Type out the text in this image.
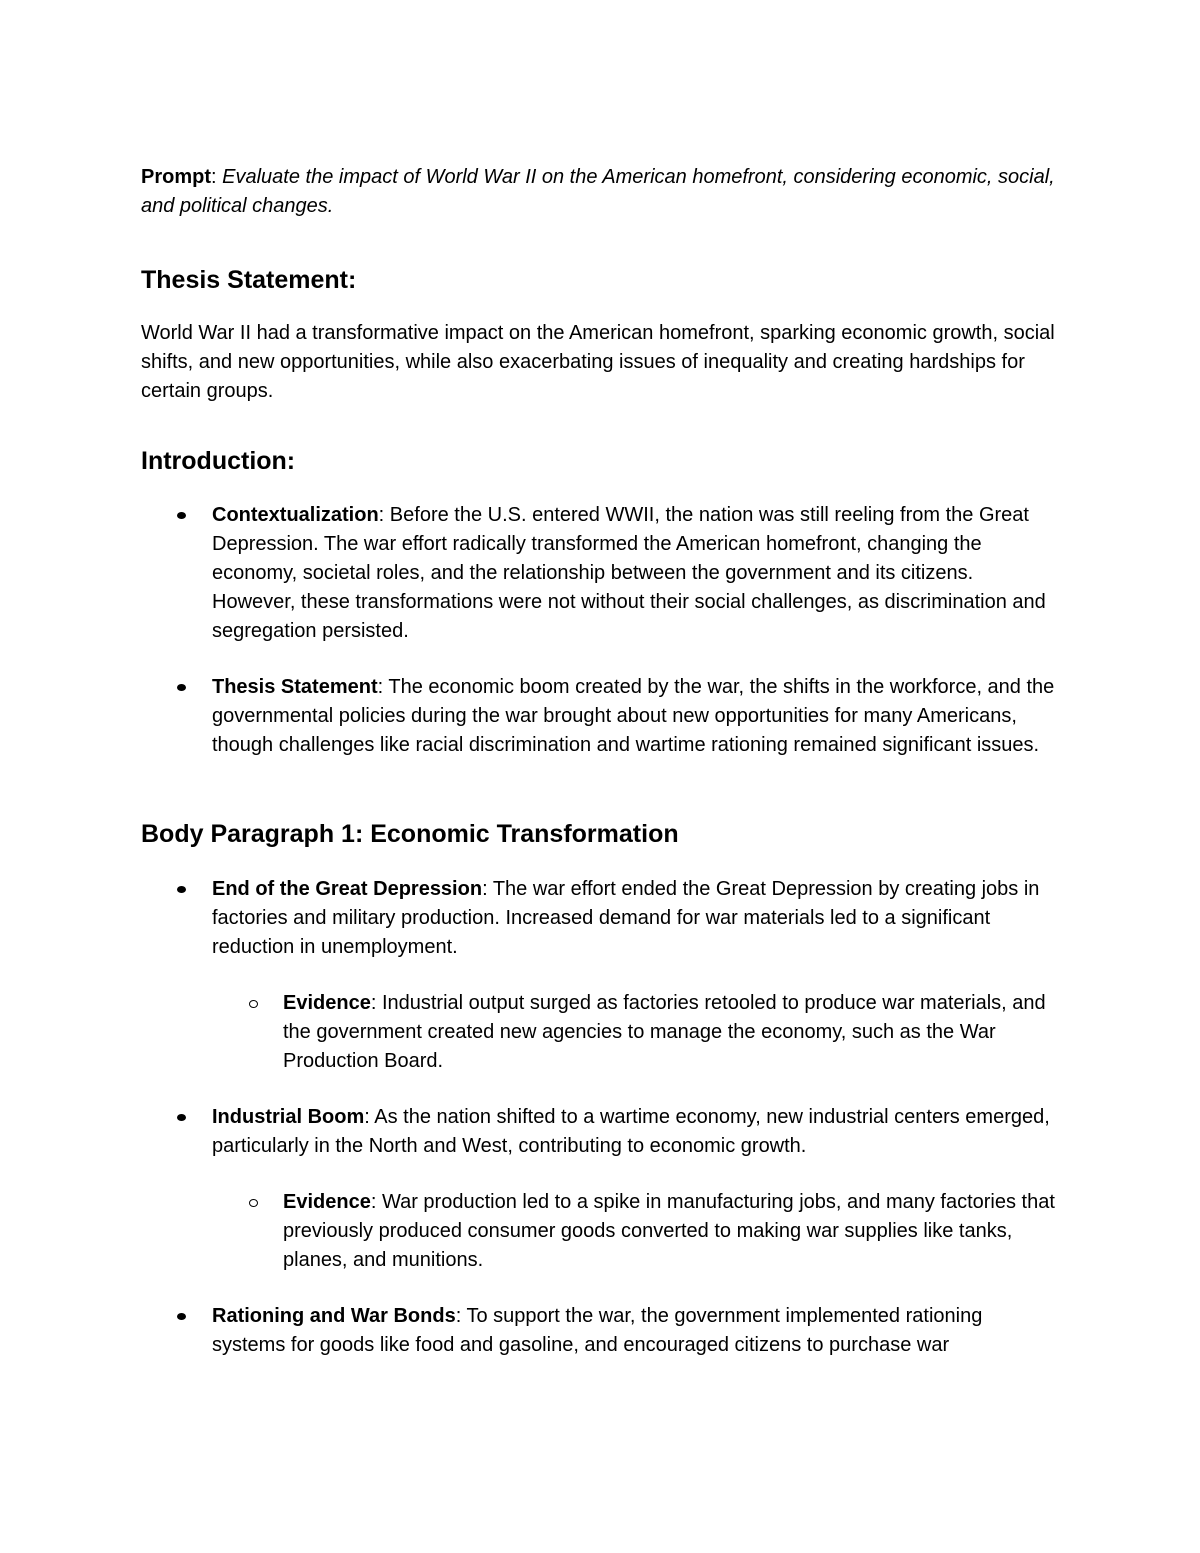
Prompt: Evaluate the impact of World War II on the American homefront, considering economic, social, and political changes.

Thesis Statement:

World War II had a transformative impact on the American homefront, sparking economic growth, social shifts, and new opportunities, while also exacerbating issues of inequality and creating hardships for certain groups.

Introduction:
Contextualization: Before the U.S. entered WWII, the nation was still reeling from the Great Depression. The war effort radically transformed the American homefront, changing the economy, societal roles, and the relationship between the government and its citizens. However, these transformations were not without their social challenges, as discrimination and segregation persisted.
Thesis Statement: The economic boom created by the war, the shifts in the workforce, and the governmental policies during the war brought about new opportunities for many Americans, though challenges like racial discrimination and wartime rationing remained significant issues.
Body Paragraph 1: Economic Transformation
End of the Great Depression: The war effort ended the Great Depression by creating jobs in factories and military production. Increased demand for war materials led to a significant reduction in unemployment.
Evidence: Industrial output surged as factories retooled to produce war materials, and the government created new agencies to manage the economy, such as the War Production Board.
Industrial Boom: As the nation shifted to a wartime economy, new industrial centers emerged, particularly in the North and West, contributing to economic growth.
Evidence: War production led to a spike in manufacturing jobs, and many factories that previously produced consumer goods converted to making war supplies like tanks, planes, and munitions.
Rationing and War Bonds: To support the war, the government implemented rationing systems for goods like food and gasoline, and encouraged citizens to purchase war
